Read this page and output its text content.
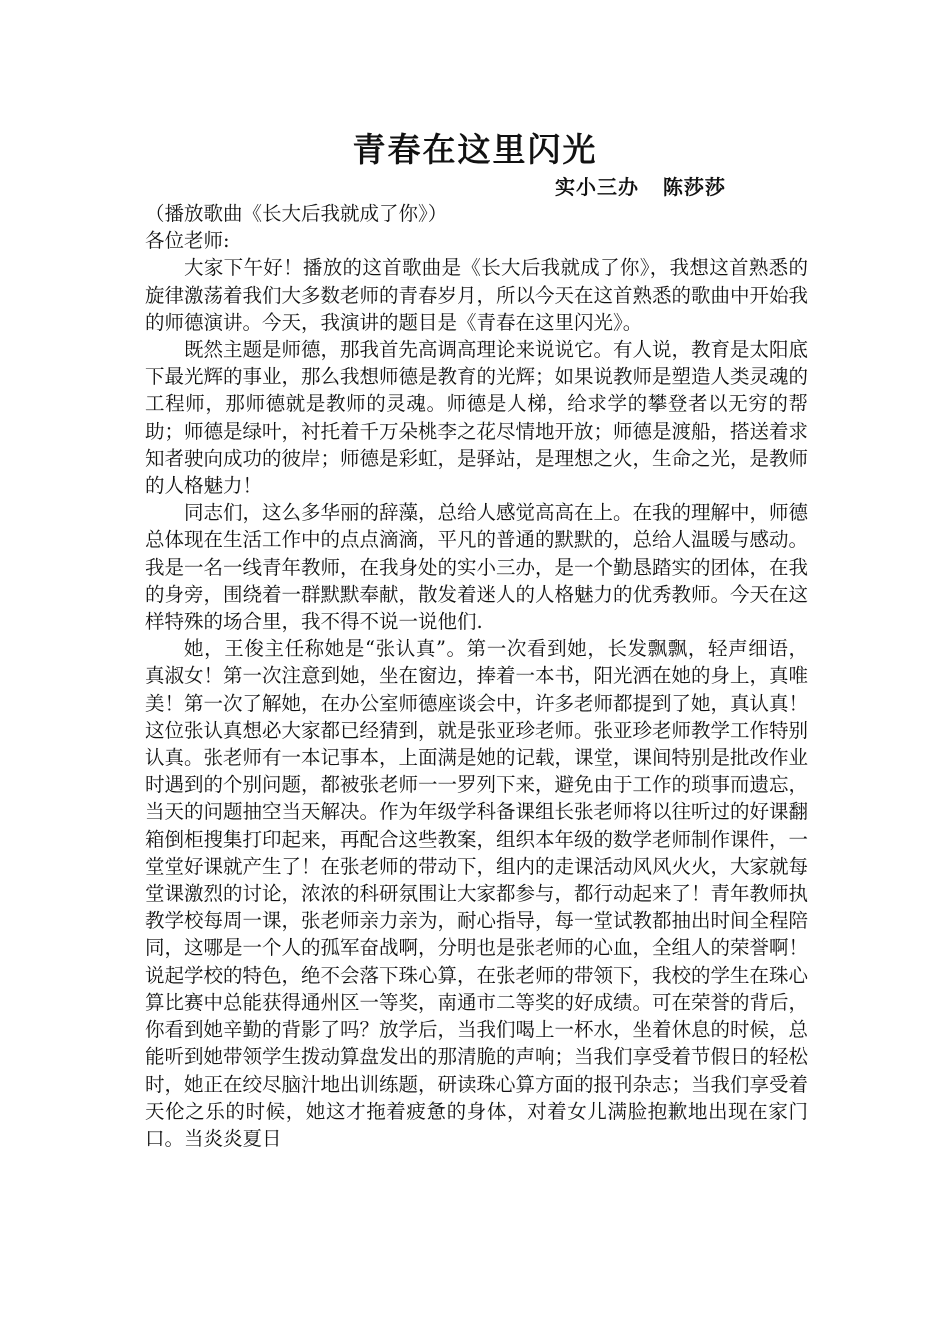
青春在这里闪光
实小三办   陈莎莎

（播放歌曲《长大后我就成了你》）

各位老师:

大家下午好！播放的这首歌曲是《长大后我就成了你》，我想这首熟悉的旋律激荡着我们大多数老师的青春岁月，所以今天在这首熟悉的歌曲中开始我的师德演讲。今天，我演讲的题目是《青春在这里闪光》。

既然主题是师德，那我首先高调高理论来说说它。有人说，教育是太阳底下最光辉的事业，那么我想师德是教育的光辉；如果说教师是塑造人类灵魂的工程师，那师德就是教师的灵魂。师德是人梯，给求学的攀登者以无穷的帮助；师德是绿叶，衬托着千万朵桃李之花尽情地开放；师德是渡船，搭送着求知者驶向成功的彼岸；师德是彩虹，是驿站，是理想之火，生命之光，是教师的人格魅力！

同志们，这么多华丽的辞藻，总给人感觉高高在上。在我的理解中，师德总体现在生活工作中的点点滴滴，平凡的普通的默默的，总给人温暖与感动。我是一名一线青年教师，在我身处的实小三办，是一个勤恳踏实的团体，在我的身旁，围绕着一群默默奉献，散发着迷人的人格魅力的优秀教师。今天在这样特殊的场合里，我不得不说一说他们.

她，王俊主任称她是“张认真”。第一次看到她，长发飘飘，轻声细语，真淑女！第一次注意到她，坐在窗边，捧着一本书，阳光洒在她的身上，真唯美！第一次了解她，在办公室师德座谈会中，许多老师都提到了她，真认真！这位张认真想必大家都已经猜到，就是张亚珍老师。张亚珍老师教学工作特别认真。张老师有一本记事本，上面满是她的记载，课堂，课间特别是批改作业时遇到的个别问题，都被张老师一一罗列下来，避免由于工作的琐事而遗忘，当天的问题抽空当天解决。作为年级学科备课组长张老师将以往听过的好课翻箱倒柜搜集打印起来，再配合这些教案，组织本年级的数学老师制作课件，一堂堂好课就产生了！在张老师的带动下，组内的走课活动风风火火，大家就每堂课激烈的讨论，浓浓的科研氛围让大家都参与，都行动起来了！青年教师执教学校每周一课，张老师亲力亲为，耐心指导，每一堂试教都抽出时间全程陪同，这哪是一个人的孤军奋战啊，分明也是张老师的心血，全组人的荣誉啊！说起学校的特色，绝不会落下珠心算，在张老师的带领下，我校的学生在珠心算比赛中总能获得通州区一等奖，南通市二等奖的好成绩。可在荣誉的背后，你看到她辛勤的背影了吗？放学后，当我们喝上一杯水，坐着休息的时候，总能听到她带领学生拨动算盘发出的那清脆的声响；当我们享受着节假日的轻松时，她正在绞尽脑汁地出训练题，研读珠心算方面的报刊杂志；当我们享受着天伦之乐的时候，她这才拖着疲惫的身体，对着女儿满脸抱歉地出现在家门口。当炎炎夏日
